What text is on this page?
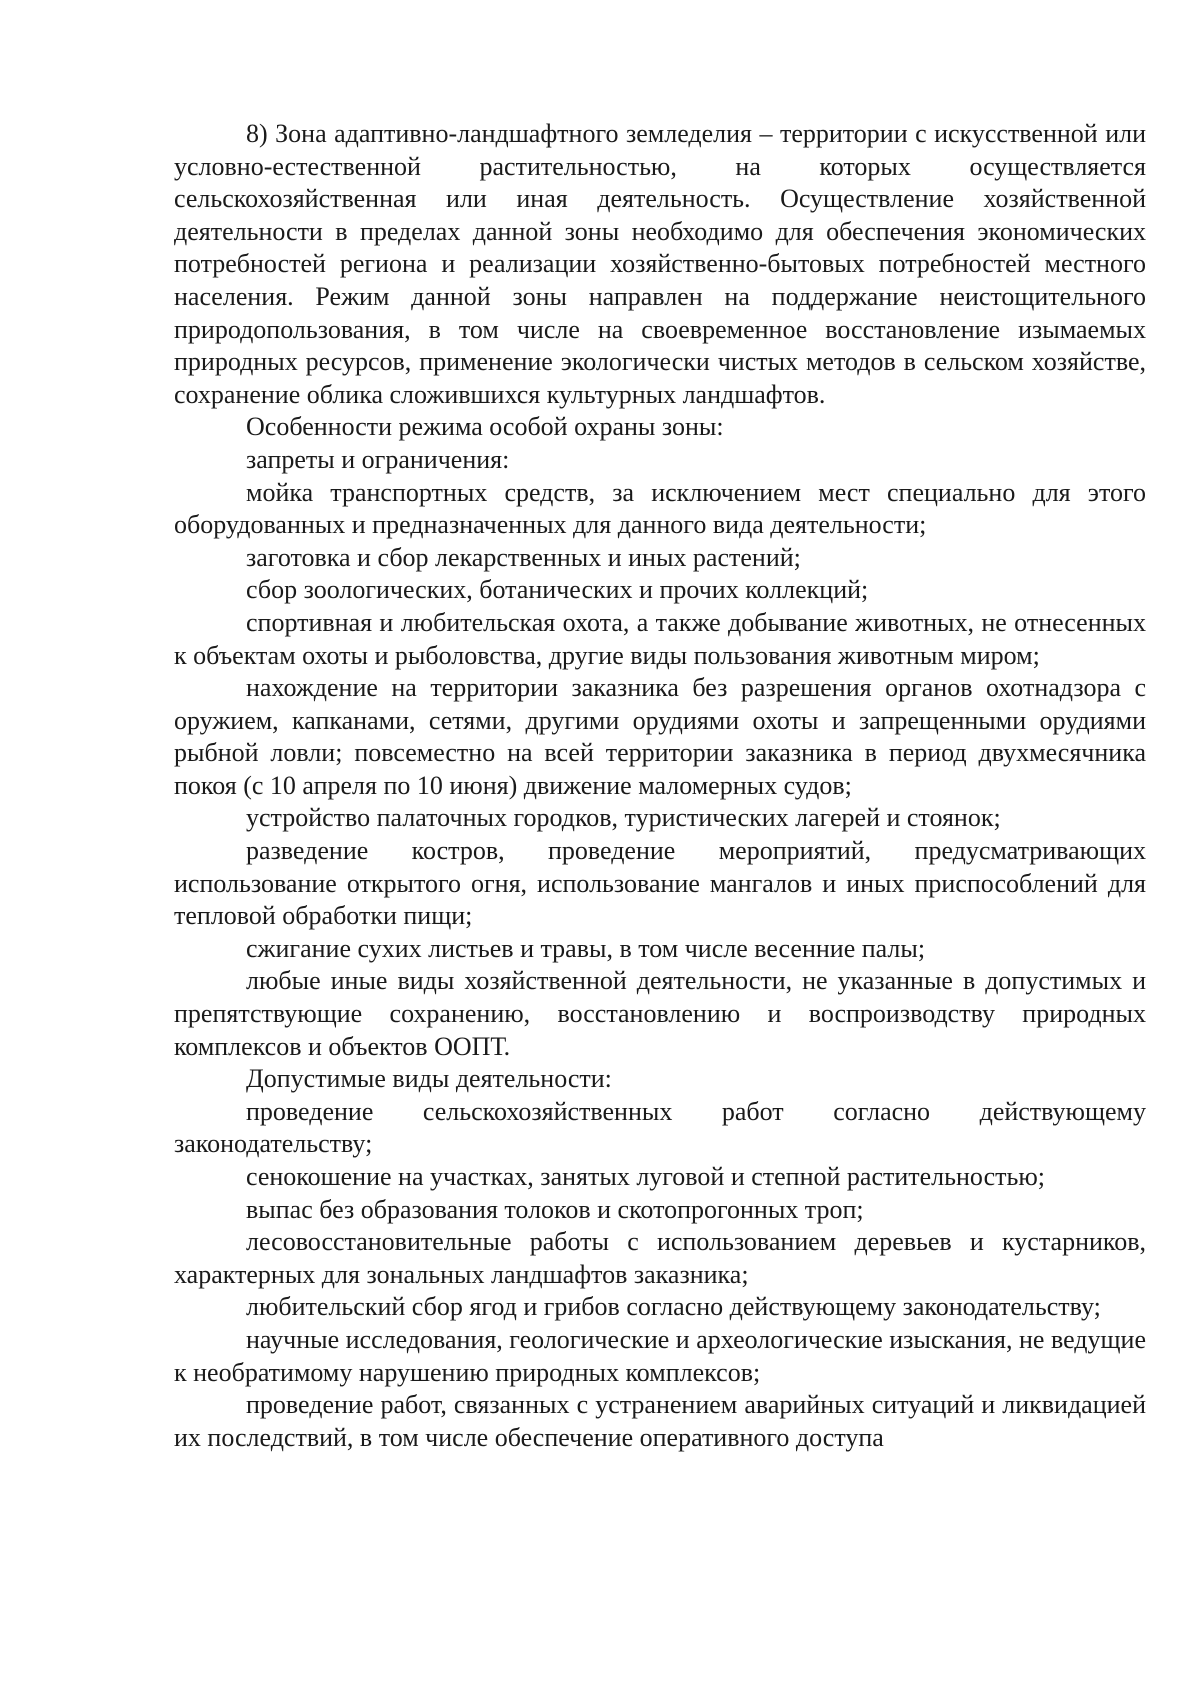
8) Зона адаптивно-ландшафтного земледелия – территории с искусственной или условно-естественной растительностью, на которых осуществляется сельскохозяйственная или иная деятельность. Осуществление хозяйственной деятельности в пределах данной зоны необходимо для обеспечения экономических потребностей региона и реализации хозяйственно-бытовых потребностей местного населения. Режим данной зоны направлен на поддержание неистощительного природопользования, в том числе на своевременное восстановление изымаемых природных ресурсов, применение экологически чистых методов в сельском хозяйстве, сохранение облика сложившихся культурных ландшафтов.

Особенности режима особой охраны зоны:

запреты и ограничения:

мойка транспортных средств, за исключением мест специально для этого оборудованных и предназначенных для данного вида деятельности;

заготовка и сбор лекарственных и иных растений;

сбор зоологических, ботанических и прочих коллекций;

спортивная и любительская охота, а также добывание животных, не отнесенных к объектам охоты и рыболовства, другие виды пользования животным миром;

нахождение на территории заказника без разрешения органов охотнадзора с оружием, капканами, сетями, другими орудиями охоты и запрещенными орудиями рыбной ловли; повсеместно на всей территории заказника в период двухмесячника покоя (с 10 апреля по 10 июня) движение маломерных судов;

устройство палаточных городков, туристических лагерей и стоянок;

разведение костров, проведение мероприятий, предусматривающих использование открытого огня, использование мангалов и иных приспособлений для тепловой обработки пищи;

сжигание сухих листьев и травы, в том числе весенние палы;

любые иные виды хозяйственной деятельности, не указанные в допустимых и препятствующие сохранению, восстановлению и воспроизводству природных комплексов и объектов ООПТ.

Допустимые виды деятельности:

проведение сельскохозяйственных работ согласно действующему законодательству;

сенокошение на участках, занятых луговой и степной растительностью;

выпас без образования толоков и скотопрогонных троп;

лесовосстановительные работы с использованием деревьев и кустарников, характерных для зональных ландшафтов заказника;

любительский сбор ягод и грибов согласно действующему законодательству;

научные исследования, геологические и археологические изыскания, не ведущие к необратимому нарушению природных комплексов;

проведение работ, связанных с устранением аварийных ситуаций и ликвидацией их последствий, в том числе обеспечение оперативного доступа
